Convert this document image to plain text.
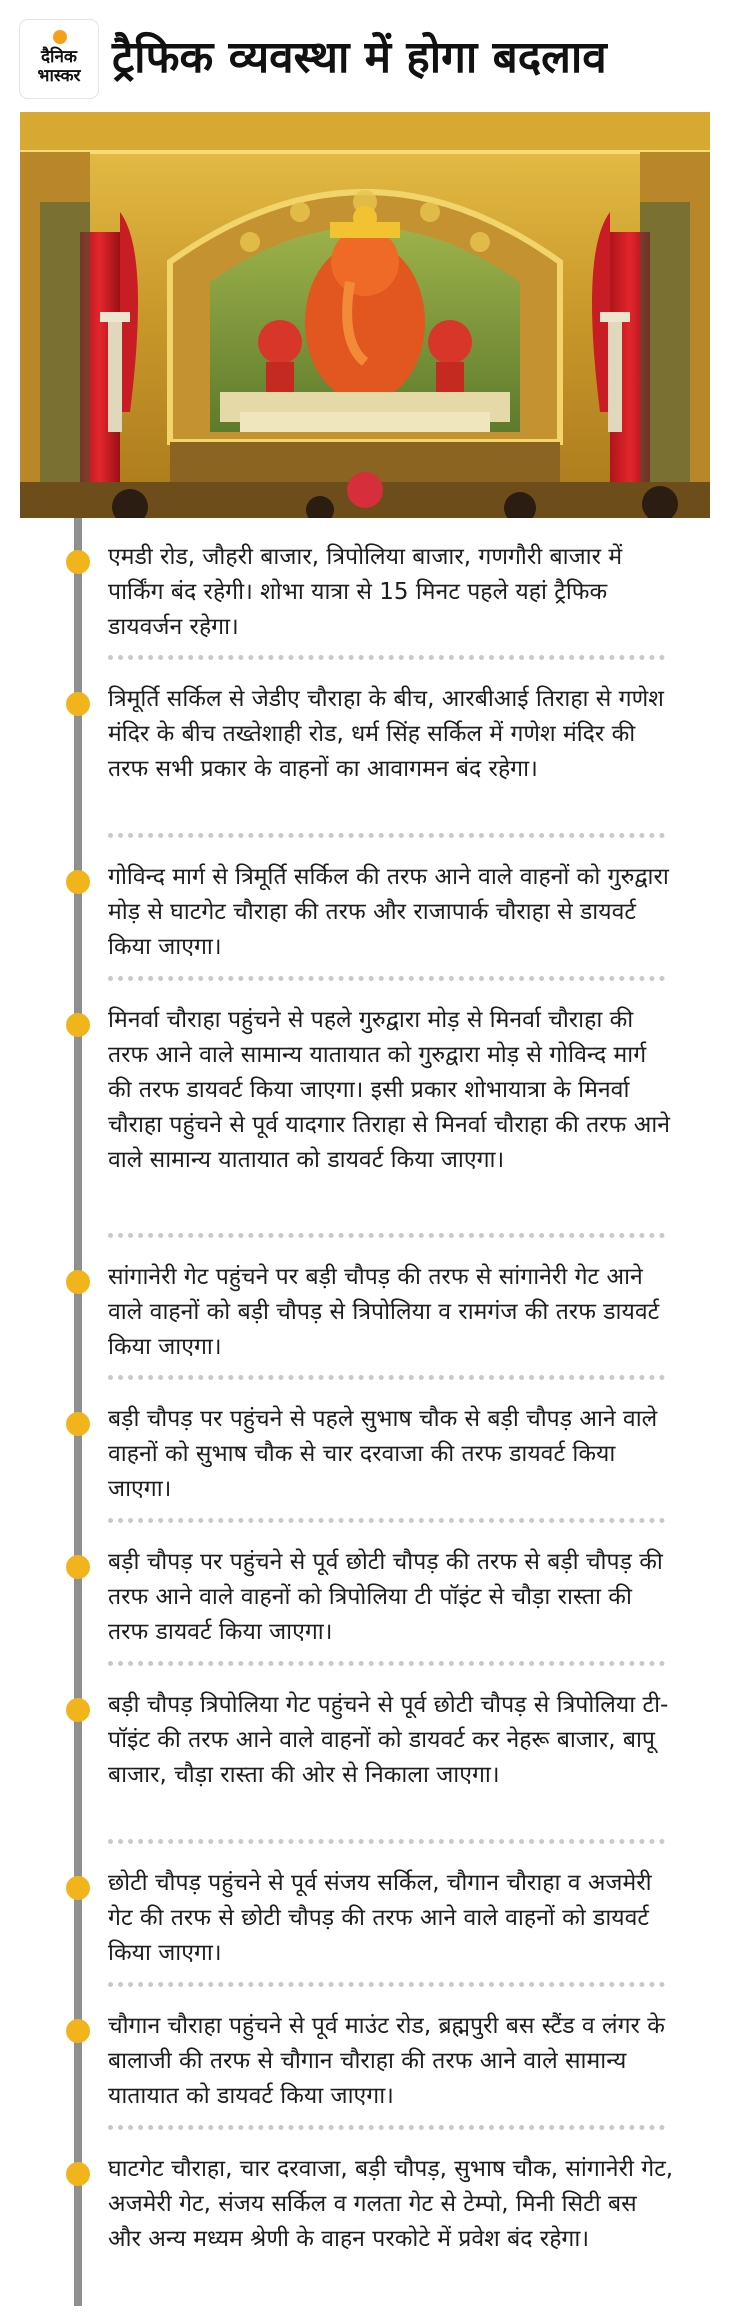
दैनिक
भास्कर ट्रैफिक व्यवस्था में होगा बदलाव

एमडी रोड, जौहरी बाजार, त्रिपोलिया बाजार, गणगौरी बाजार में पार्किंग बंद रहेगी। शोभा यात्रा से 15 मिनट पहले यहां ट्रैफिक डायवर्जन रहेगा।

त्रिमूर्ति सर्किल से जेडीए चौराहा के बीच, आरबीआई तिराहा से गणेश मंदिर के बीच तख्तेशाही रोड, धर्म सिंह सर्किल में गणेश मंदिर की तरफ सभी प्रकार के वाहनों का आवागमन बंद रहेगा।

गोविन्द मार्ग से त्रिमूर्ति सर्किल की तरफ आने वाले वाहनों को गुरुद्वारा मोड़ से घाटगेट चौराहा की तरफ और राजापार्क चौराहा से डायवर्ट किया जाएगा।

मिनर्वा चौराहा पहुंचने से पहले गुरुद्वारा मोड़ से मिनर्वा चौराहा की तरफ आने वाले सामान्य यातायात को गुरुद्वारा मोड़ से गोविन्द मार्ग की तरफ डायवर्ट किया जाएगा। इसी प्रकार शोभायात्रा के मिनर्वा चौराहा पहुंचने से पूर्व यादगार तिराहा से मिनर्वा चौराहा की तरफ आने वाले सामान्य यातायात को डायवर्ट किया जाएगा।

सांगानेरी गेट पहुंचने पर बड़ी चौपड़ की तरफ से सांगानेरी गेट आने वाले वाहनों को बड़ी चौपड़ से त्रिपोलिया व रामगंज की तरफ डायवर्ट किया जाएगा।

बड़ी चौपड़ पर पहुंचने से पहले सुभाष चौक से बड़ी चौपड़ आने वाले वाहनों को सुभाष चौक से चार दरवाजा की तरफ डायवर्ट किया जाएगा।

बड़ी चौपड़ पर पहुंचने से पूर्व छोटी चौपड़ की तरफ से बड़ी चौपड़ की तरफ आने वाले वाहनों को त्रिपोलिया टी पॉइंट से चौड़ा रास्ता की तरफ डायवर्ट किया जाएगा।

बड़ी चौपड़ त्रिपोलिया गेट पहुंचने से पूर्व छोटी चौपड़ से त्रिपोलिया टी-पॉइंट की तरफ आने वाले वाहनों को डायवर्ट कर नेहरू बाजार, बापू बाजार, चौड़ा रास्ता की ओर से निकाला जाएगा।

छोटी चौपड़ पहुंचने से पूर्व संजय सर्किल, चौगान चौराहा व अजमेरी गेट की तरफ से छोटी चौपड़ की तरफ आने वाले वाहनों को डायवर्ट किया जाएगा।

चौगान चौराहा पहुंचने से पूर्व माउंट रोड, ब्रह्मपुरी बस स्टैंड व लंगर के बालाजी की तरफ से चौगान चौराहा की तरफ आने वाले सामान्य यातायात को डायवर्ट किया जाएगा।

घाटगेट चौराहा, चार दरवाजा, बड़ी चौपड़, सुभाष चौक, सांगानेरी गेट, अजमेरी गेट, संजय सर्किल व गलता गेट से टेम्पो, मिनी सिटी बस और अन्य मध्यम श्रेणी के वाहन परकोटे में प्रवेश बंद रहेगा।
